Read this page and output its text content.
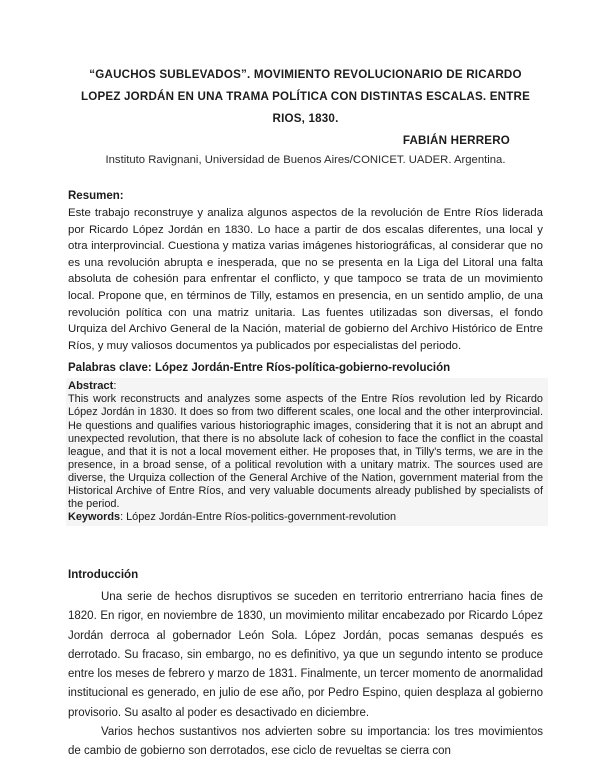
“GAUCHOS SUBLEVADOS”. MOVIMIENTO REVOLUCIONARIO DE RICARDO LOPEZ JORDÁN EN UNA TRAMA POLÍTICA CON DISTINTAS ESCALAS. ENTRE RIOS, 1830.
FABIÁN HERRERO
Instituto Ravignani, Universidad de Buenos Aires/CONICET. UADER. Argentina.
Resumen:
Este trabajo reconstruye y analiza algunos aspectos de la revolución de Entre Ríos liderada por Ricardo López Jordán en 1830. Lo hace a partir de dos escalas diferentes, una local y otra interprovincial. Cuestiona y matiza varias imágenes historiográficas, al considerar que no es una revolución abrupta e inesperada, que no se presenta en la Liga del Litoral una falta absoluta de cohesión para enfrentar el conflicto, y que tampoco se trata de un movimiento local. Propone que, en términos de Tilly, estamos en presencia, en un sentido amplio, de una revolución política con una matriz unitaria. Las fuentes utilizadas son diversas, el fondo Urquiza del Archivo General de la Nación, material de gobierno del Archivo Histórico de Entre Ríos, y muy valiosos documentos ya publicados por especialistas del periodo.
Palabras clave: López Jordán-Entre Ríos-política-gobierno-revolución
Abstract:
This work reconstructs and analyzes some aspects of the Entre Ríos revolution led by Ricardo López Jordán in 1830. It does so from two different scales, one local and the other interprovincial. He questions and qualifies various historiographic images, considering that it is not an abrupt and unexpected revolution, that there is no absolute lack of cohesion to face the conflict in the coastal league, and that it is not a local movement either. He proposes that, in Tilly's terms, we are in the presence, in a broad sense, of a political revolution with a unitary matrix. The sources used are diverse, the Urquiza collection of the General Archive of the Nation, government material from the Historical Archive of Entre Ríos, and very valuable documents already published by specialists of the period.
Keywords: López Jordán-Entre Ríos-politics-government-revolution
Introducción

Una serie de hechos disruptivos se suceden en territorio entrerriano hacia fines de 1820. En rigor, en noviembre de 1830, un movimiento militar encabezado por Ricardo López Jordán derroca al gobernador León Sola. López Jordán, pocas semanas después es derrotado. Su fracaso, sin embargo, no es definitivo, ya que un segundo intento se produce entre los meses de febrero y marzo de 1831. Finalmente, un tercer momento de anormalidad institucional es generado, en julio de ese año, por Pedro Espino, quien desplaza al gobierno provisorio. Su asalto al poder es desactivado en diciembre.

Varios hechos sustantivos nos advierten sobre su importancia: los tres movimientos de cambio de gobierno son derrotados, ese ciclo de revueltas se cierra con
